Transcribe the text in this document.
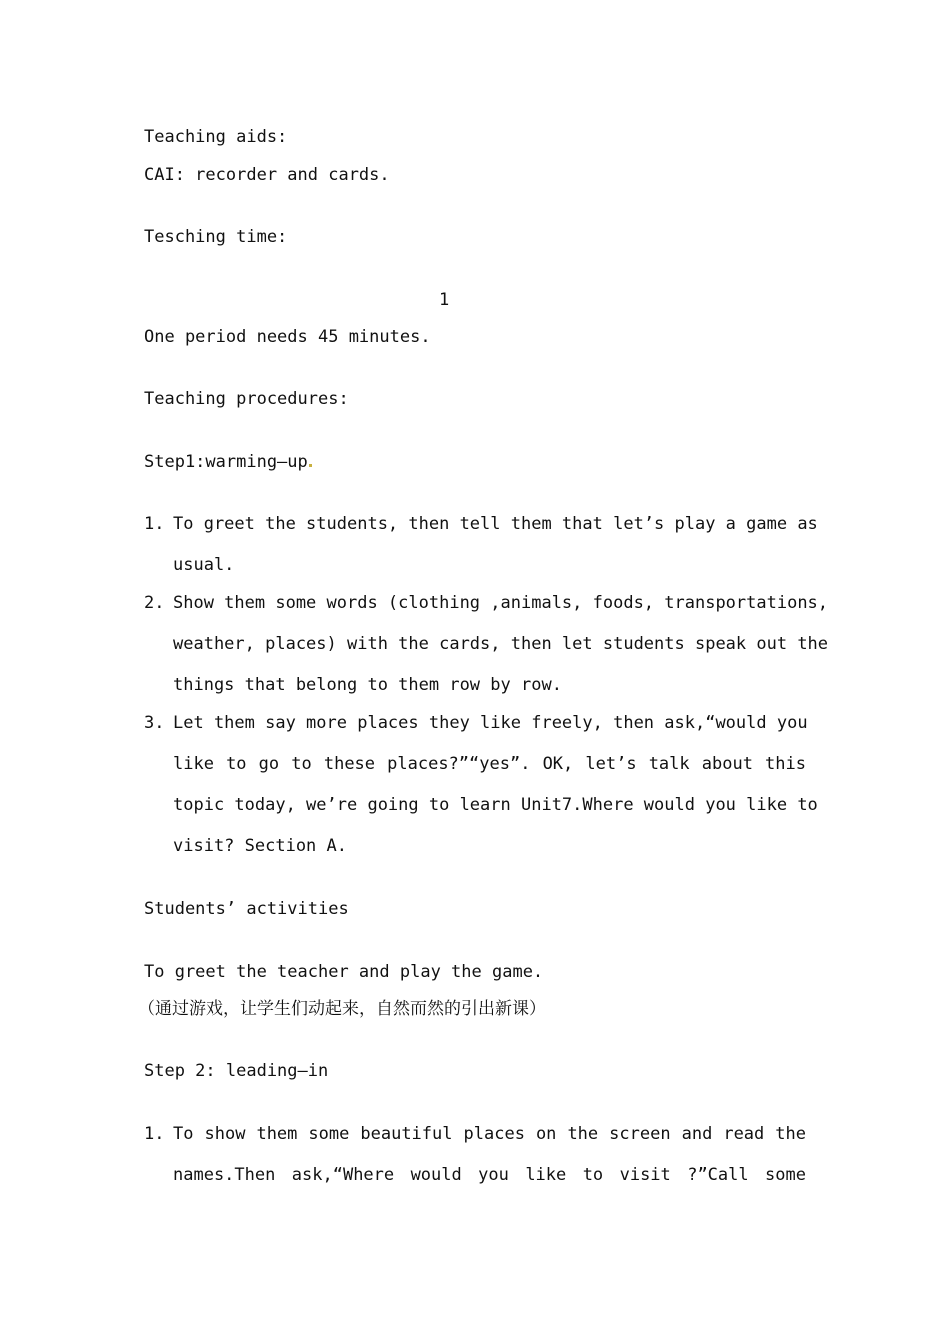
Teaching aids:
CAI: recorder and cards.
Tesching time:
1
One period needs 45 minutes.
Teaching procedures:
Step1:warming—up
1. To greet the students, then tell them that let’s play a game as
usual.
2. Show them some words (clothing ,animals, foods, transportations,
weather, places) with the cards, then let students speak out the
things that belong to them row by row.
3. Let them say more places they like freely, then ask,“would you
like to go to these places?”“yes”. OK, let’s talk about this
topic today, we’re going to learn Unit7.Where would you like to
visit? Section A.
Students’ activities
To greet the teacher and play the game.
（通过游戏，让学生们动起来，自然而然的引出新课）
Step 2: leading—in
1. To show them some beautiful places on the screen and read the
names.Then ask,“Where would you like to visit ?”Call some
